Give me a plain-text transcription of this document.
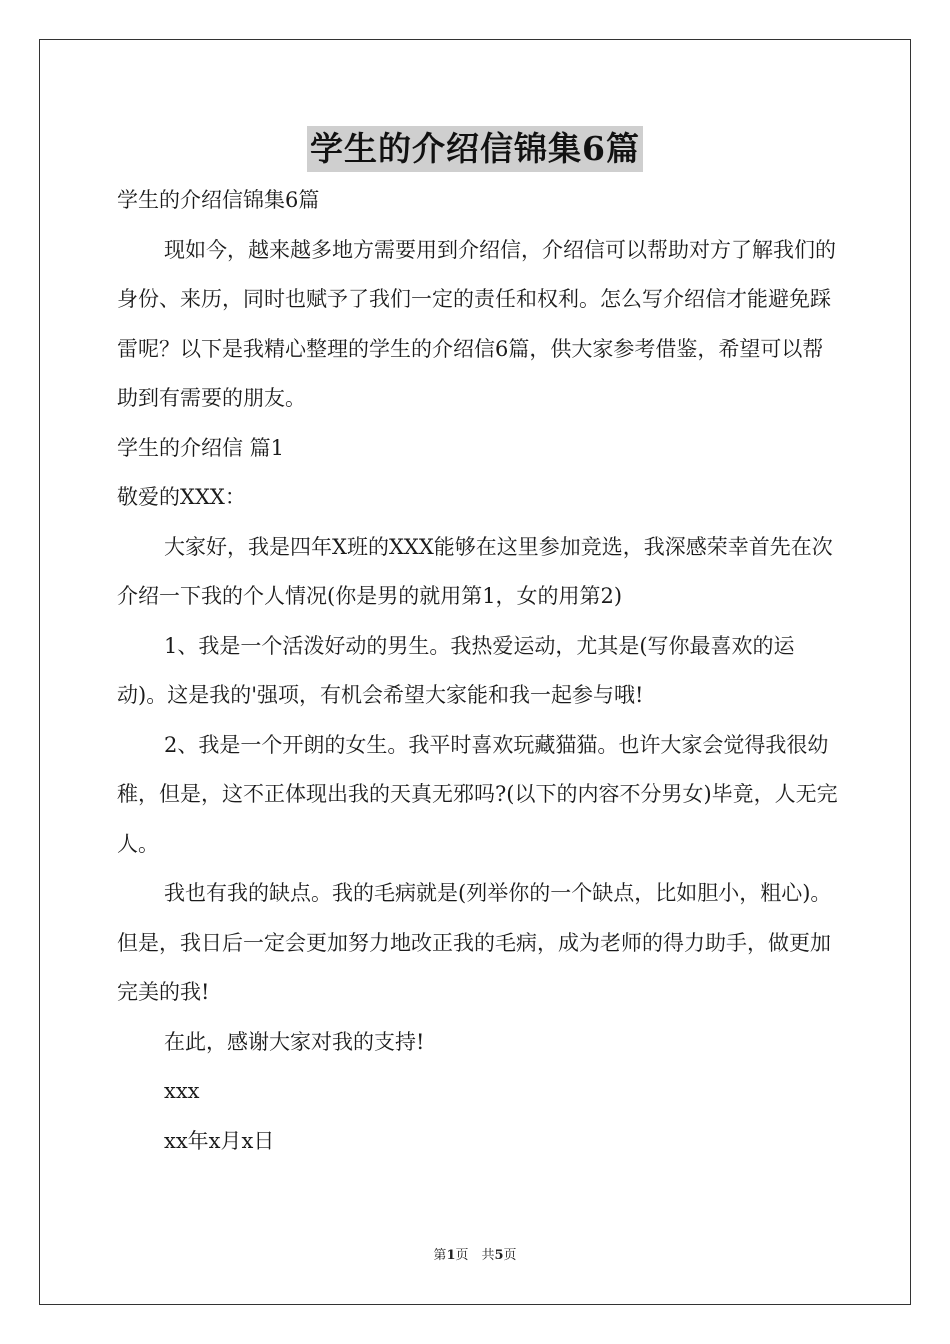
学生的介绍信锦集6篇

学生的介绍信锦集6篇

现如今，越来越多地方需要用到介绍信，介绍信可以帮助对方了解我们的身份、来历，同时也赋予了我们一定的责任和权利。怎么写介绍信才能避免踩雷呢？以下是我精心整理的学生的介绍信6篇，供大家参考借鉴，希望可以帮助到有需要的朋友。

学生的介绍信 篇1

敬爱的XXX：

大家好，我是四年X班的XXX能够在这里参加竞选，我深感荣幸首先在次介绍一下我的个人情况(你是男的就用第1，女的用第2)

1、我是一个活泼好动的男生。我热爱运动，尤其是(写你最喜欢的运动)。这是我的'强项，有机会希望大家能和我一起参与哦!

2、我是一个开朗的女生。我平时喜欢玩藏猫猫。也许大家会觉得我很幼稚，但是，这不正体现出我的天真无邪吗?(以下的内容不分男女)毕竟，人无完人。

我也有我的缺点。我的毛病就是(列举你的一个缺点，比如胆小，粗心)。但是，我日后一定会更加努力地改正我的毛病，成为老师的得力助手，做更加完美的我!

在此，感谢大家对我的支持!

xxx

xx年x月x日

第1页　共5页
